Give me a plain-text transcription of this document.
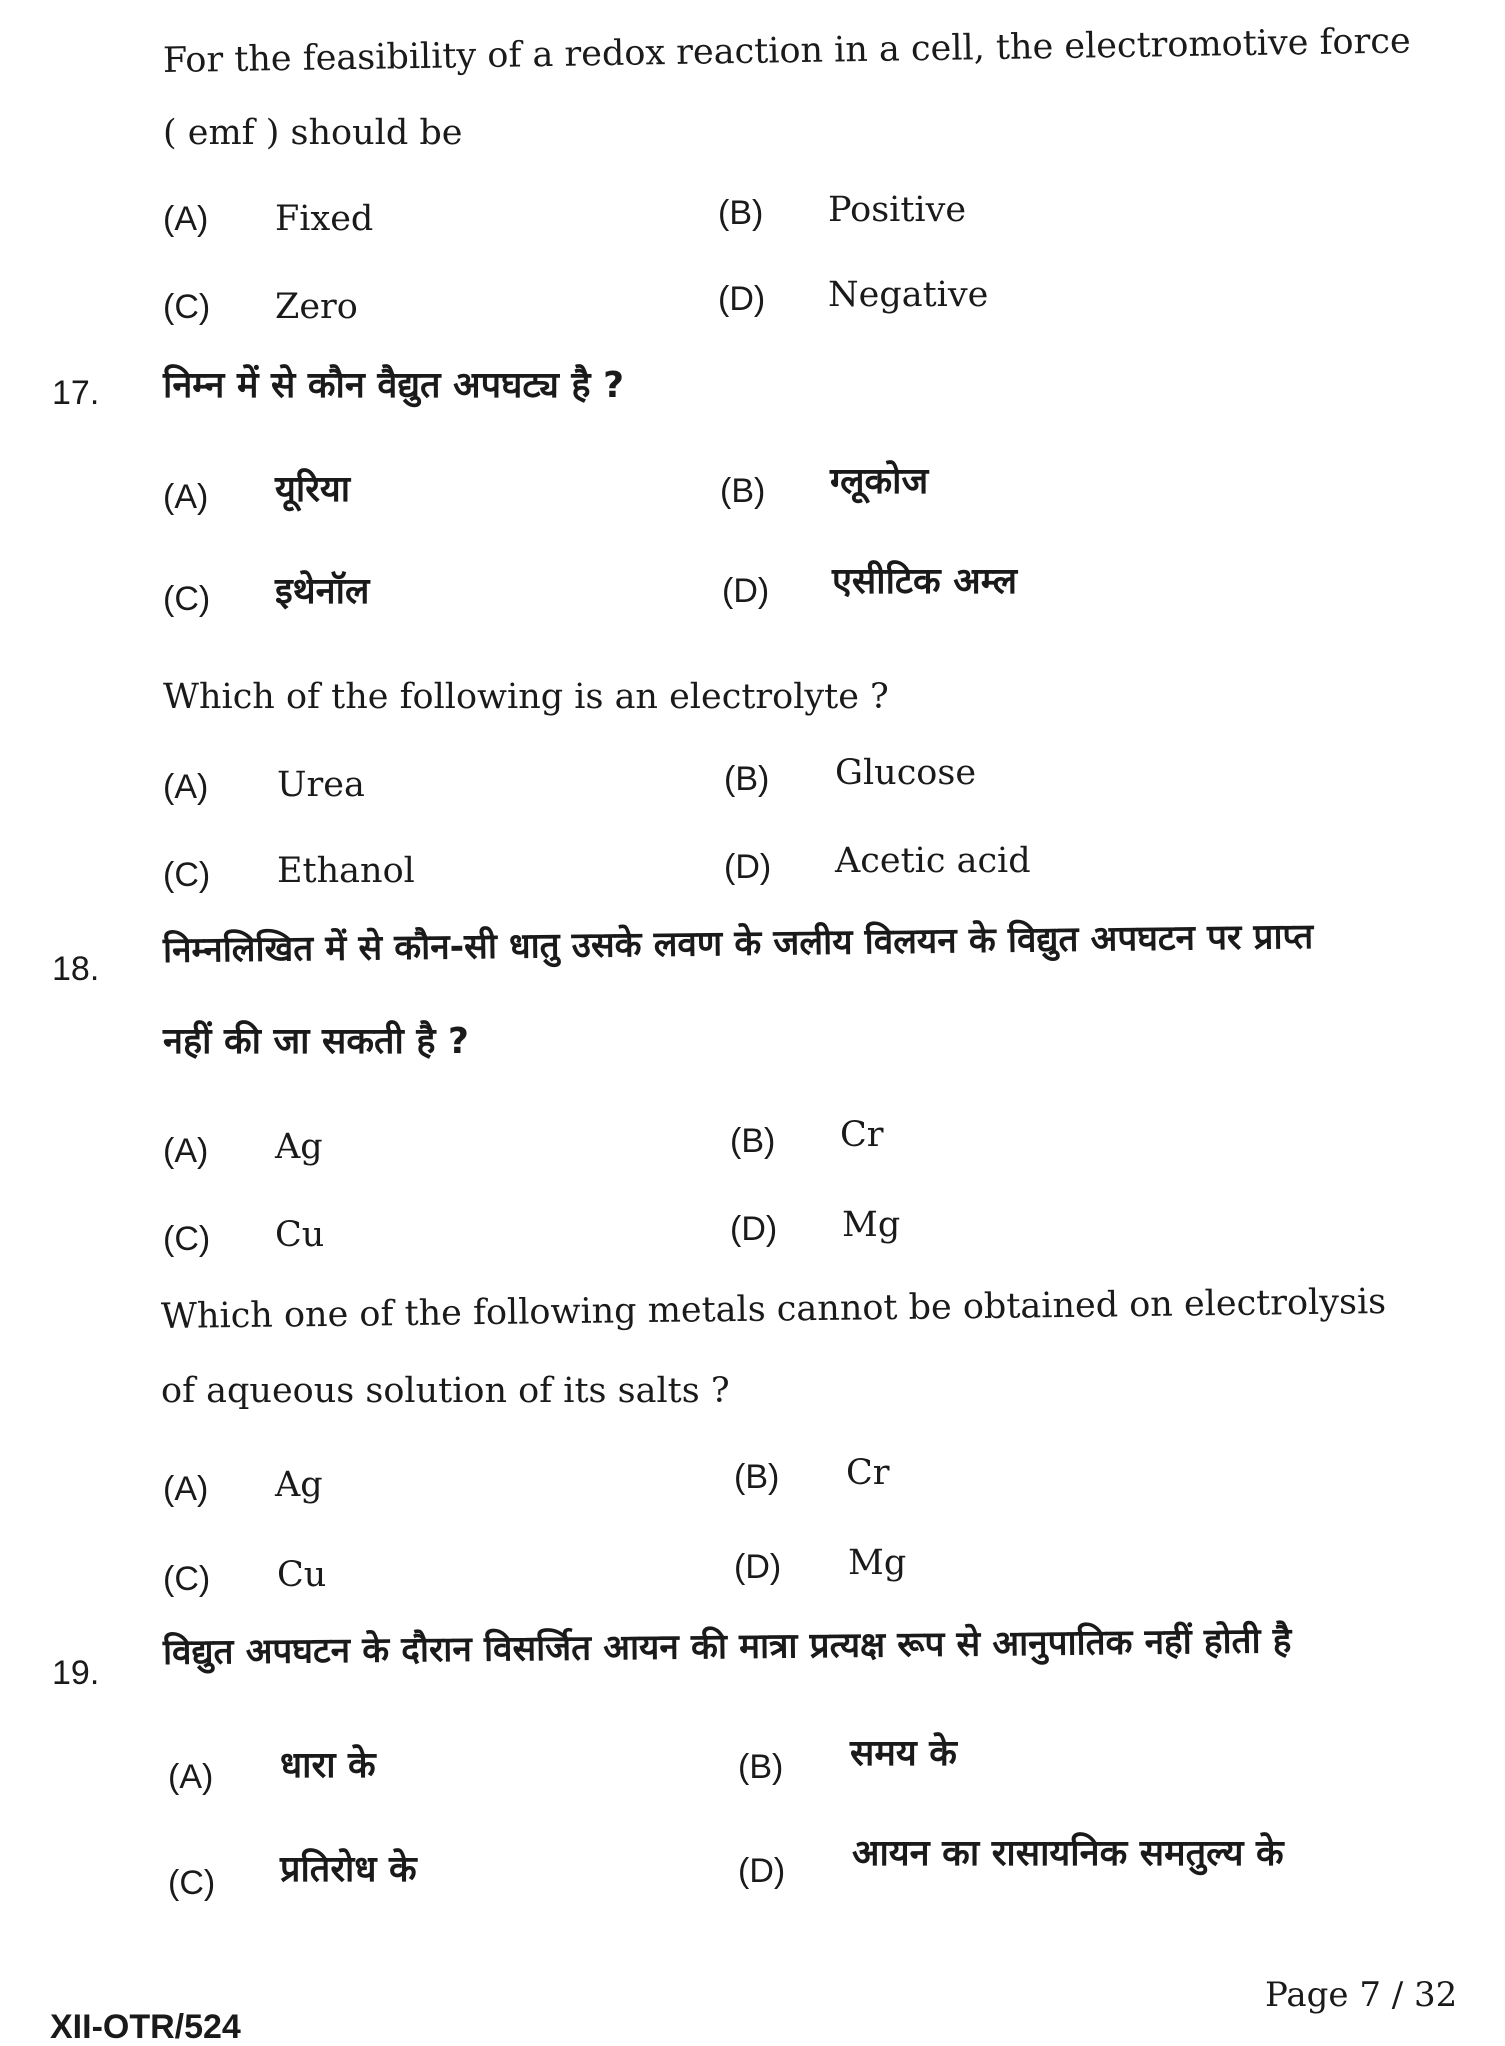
For the feasibility of a redox reaction in a cell, the electromotive force
( emf ) should be
(A) Fixed	(B) Positive
(C) Zero	(D) Negative
17. निम्न में से कौन वैद्युत अपघट्य है ?
(A) यूरिया	(B) ग्लूकोज
(C) इथेनॉल	(D) एसीटिक अम्ल
Which of the following is an electrolyte ?
(A) Urea	(B) Glucose
(C) Ethanol	(D) Acetic acid
18. निम्नलिखित में से कौन-सी धातु उसके लवण के जलीय विलयन के विद्युत अपघटन पर प्राप्त
नहीं की जा सकती है ?
(A) Ag	(B) Cr
(C) Cu	(D) Mg
Which one of the following metals cannot be obtained on electrolysis
of aqueous solution of its salts ?
(A) Ag	(B) Cr
(C) Cu	(D) Mg
19.
विद्युत अपघटन के दौरान विसर्जित आयन की मात्रा प्रत्यक्ष रूप से आनुपातिक नहीं होती है
(A) धारा के	(B) समय के
(C) प्रतिरोध के	(D) आयन का रासायनिक समतुल्य के
Page 7 / 32
XII-OTR/524
